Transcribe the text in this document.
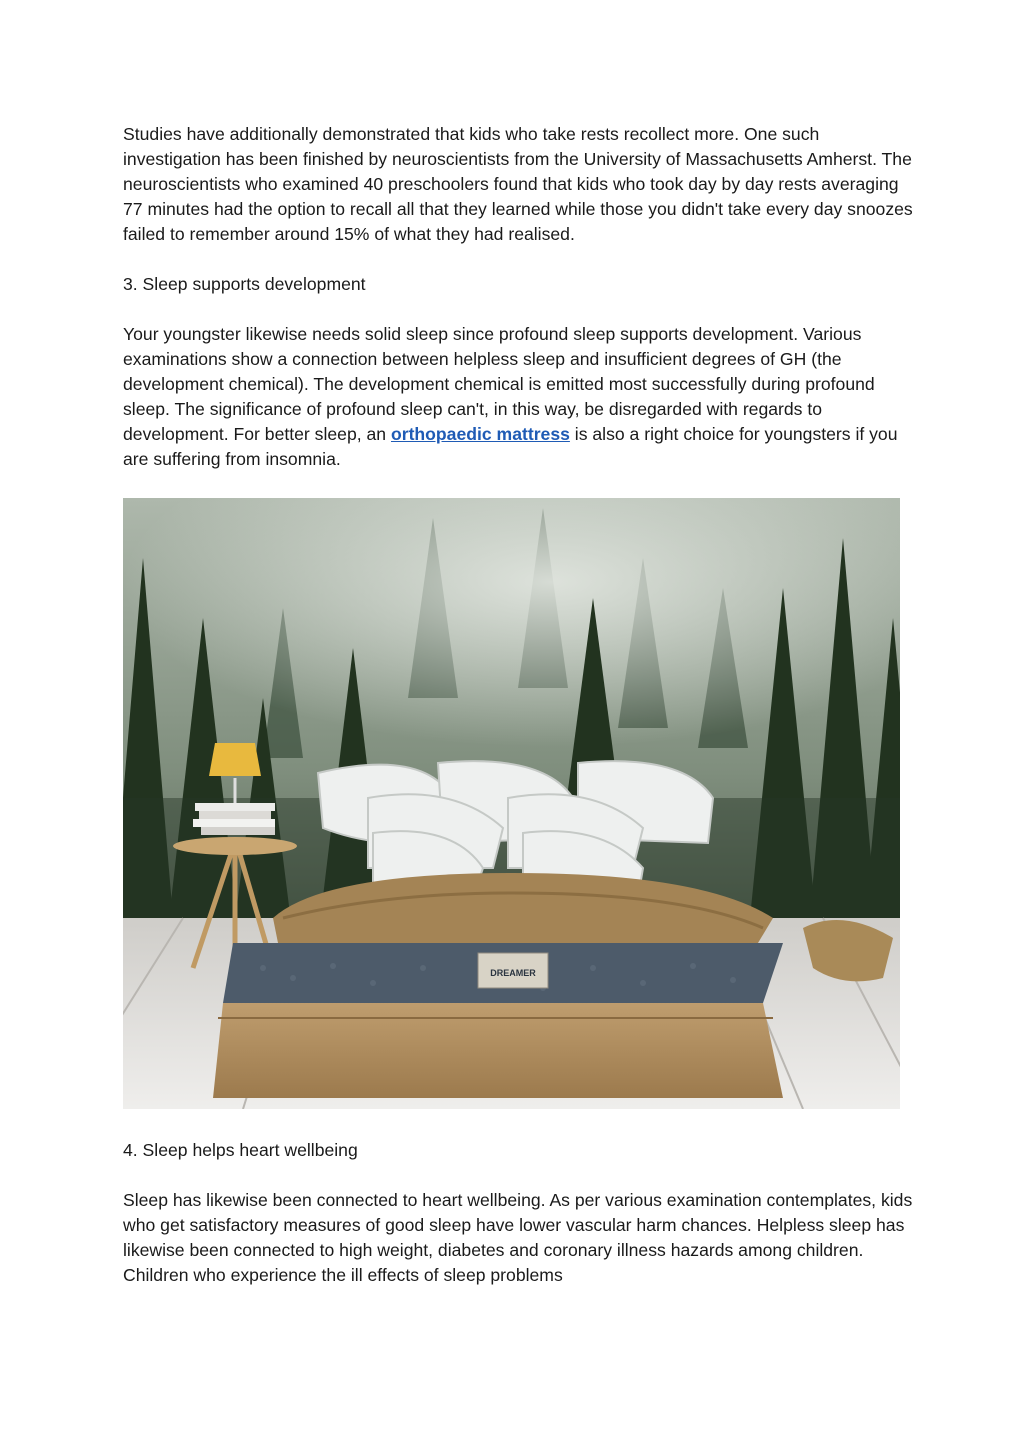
Studies have additionally demonstrated that kids who take rests recollect more. One such investigation has been finished by neuroscientists from the University of Massachusetts Amherst. The neuroscientists who examined 40 preschoolers found that kids who took day by day rests averaging 77 minutes had the option to recall all that they learned while those you didn't take every day snoozes failed to remember around 15% of what they had realised.

3. Sleep supports development

Your youngster likewise needs solid sleep since profound sleep supports development. Various examinations show a connection between helpless sleep and insufficient degrees of GH (the development chemical). The development chemical is emitted most successfully during profound sleep. The significance of profound sleep can't, in this way, be disregarded with regards to development. For better sleep, an orthopaedic mattress is also a right choice for youngsters if you are suffering from insomnia.

DREAMER

4. Sleep helps heart wellbeing

Sleep has likewise been connected to heart wellbeing. As per various examination contemplates, kids who get satisfactory measures of good sleep have lower vascular harm chances. Helpless sleep has likewise been connected to high weight, diabetes and coronary illness hazards among children. Children who experience the ill effects of sleep problems
